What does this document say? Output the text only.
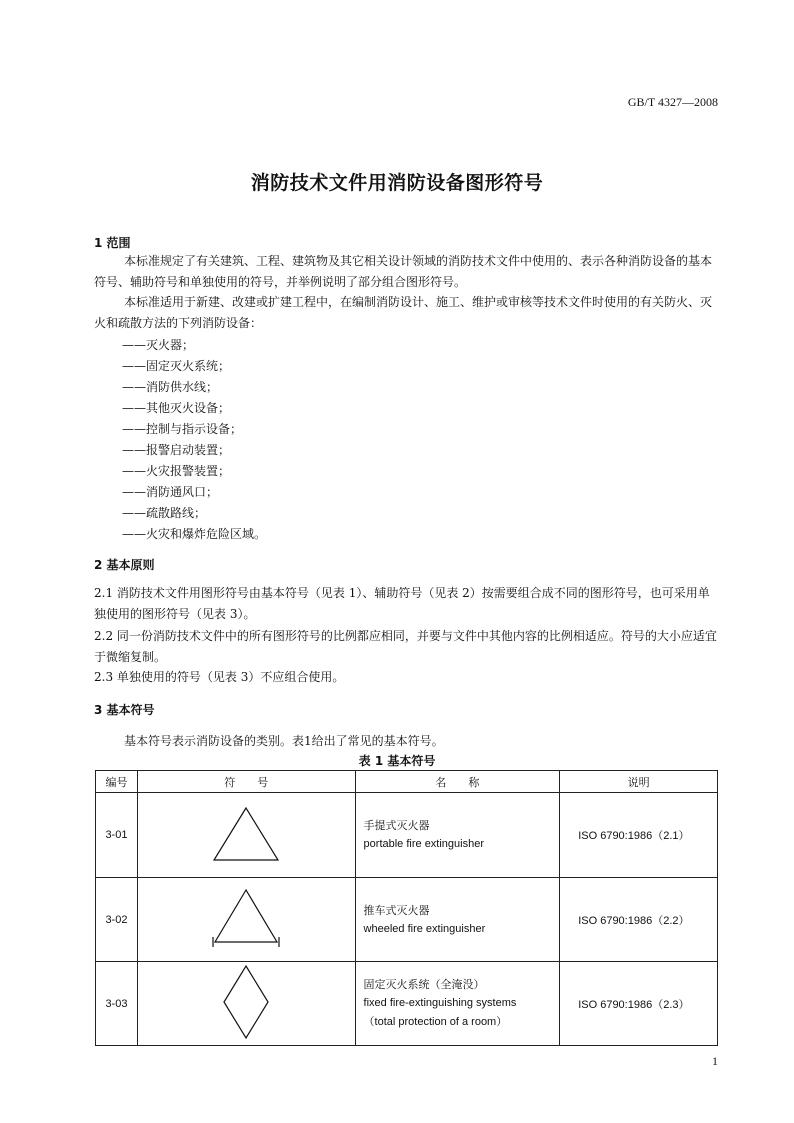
GB/T 4327—2008
消防技术文件用消防设备图形符号
1 范围
本标准规定了有关建筑、工程、建筑物及其它相关设计领域的消防技术文件中使用的、表示各种消防设备的基本符号、辅助符号和单独使用的符号，并举例说明了部分组合图形符号。
本标准适用于新建、改建或扩建工程中，在编制消防设计、施工、维护或审核等技术文件时使用的有关防火、灭火和疏散方法的下列消防设备：
——灭火器；
——固定灭火系统；
——消防供水线；
——其他灭火设备；
——控制与指示设备；
——报警启动装置；
——火灾报警装置；
——消防通风口；
——疏散路线；
——火灾和爆炸危险区域。
2 基本原则
2.1 消防技术文件用图形符号由基本符号（见表 1）、辅助符号（见表 2）按需要组合成不同的图形符号，也可采用单独使用的图形符号（见表 3）。
2.2 同一份消防技术文件中的所有图形符号的比例都应相同，并要与文件中其他内容的比例相适应。符号的大小应适宜于微缩复制。
2.3 单独使用的符号（见表 3）不应组合使用。
3 基本符号
基本符号表示消防设备的类别。表1给出了常见的基本符号。
表 1 基本符号
编号	符　　号	名　　称	说明
3-01		手提式灭火器
portable fire extinguisher	ISO 6790:1986（2.1）
3-02		推车式灭火器
wheeled fire extinguisher	ISO 6790:1986（2.2）
3-03		固定灭火系统（全淹没）
fixed fire-extinguishing systems
（total protection of a room）	ISO 6790:1986（2.3）
1
